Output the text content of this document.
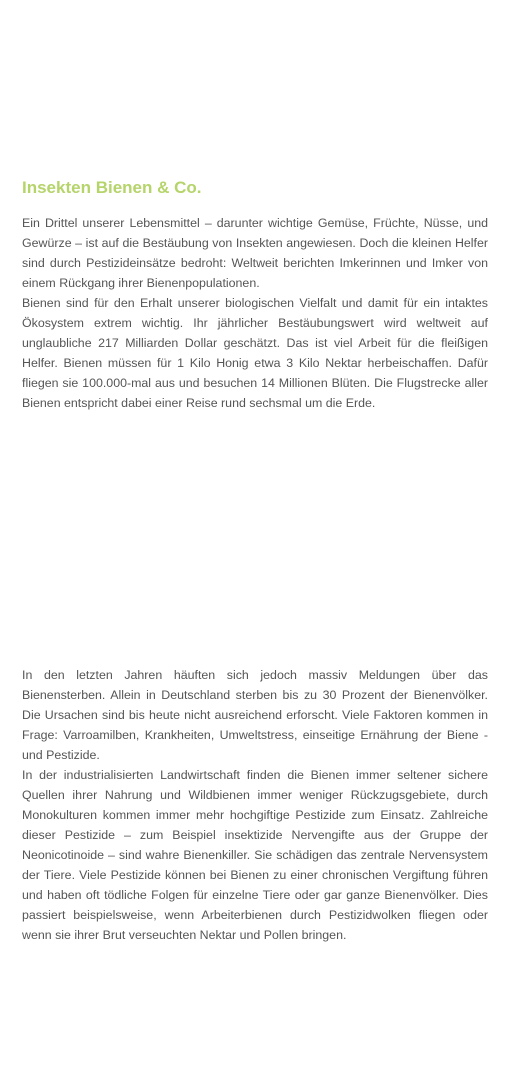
Insekten Bienen & Co.

Ein Drittel unserer Lebensmittel – darunter wichtige Gemüse, Früchte, Nüsse, und Gewürze – ist auf die Bestäubung von Insekten angewiesen. Doch die kleinen Helfer sind durch Pestizideinsätze bedroht: Weltweit berichten Imkerinnen und Imker von einem Rückgang ihrer Bienenpopulationen.

Bienen sind für den Erhalt unserer biologischen Vielfalt und damit für ein intaktes Ökosystem extrem wichtig. Ihr jährlicher Bestäubungswert wird weltweit auf unglaubliche 217 Milliarden Dollar geschätzt. Das ist viel Arbeit für die fleißigen Helfer. Bienen müssen für 1 Kilo Honig etwa 3 Kilo Nektar herbeischaffen. Dafür fliegen sie 100.000-mal aus und besuchen 14 Millionen Blüten. Die Flugstrecke aller Bienen entspricht dabei einer Reise rund sechsmal um die Erde.

In den letzten Jahren häuften sich jedoch massiv Meldungen über das Bienensterben. Allein in Deutschland sterben bis zu 30 Prozent der Bienenvölker. Die Ursachen sind bis heute nicht ausreichend erforscht. Viele Faktoren kommen in Frage: Varroamilben, Krankheiten, Umweltstress, einseitige Ernährung der Biene - und Pestizide.

In der industrialisierten Landwirtschaft finden die Bienen immer seltener sichere Quellen ihrer Nahrung und Wildbienen immer weniger Rückzugsgebiete, durch Monokulturen kommen immer mehr hochgiftige Pestizide zum Einsatz. Zahlreiche dieser Pestizide – zum Beispiel insektizide Nervengifte aus der Gruppe der Neonicotinoide – sind wahre Bienenkiller. Sie schädigen das zentrale Nervensystem der Tiere. Viele Pestizide können bei Bienen zu einer chronischen Vergiftung führen und haben oft tödliche Folgen für einzelne Tiere oder gar ganze Bienenvölker. Dies passiert beispielsweise, wenn Arbeiterbienen durch Pestizidwolken fliegen oder wenn sie ihrer Brut verseuchten Nektar und Pollen bringen.
